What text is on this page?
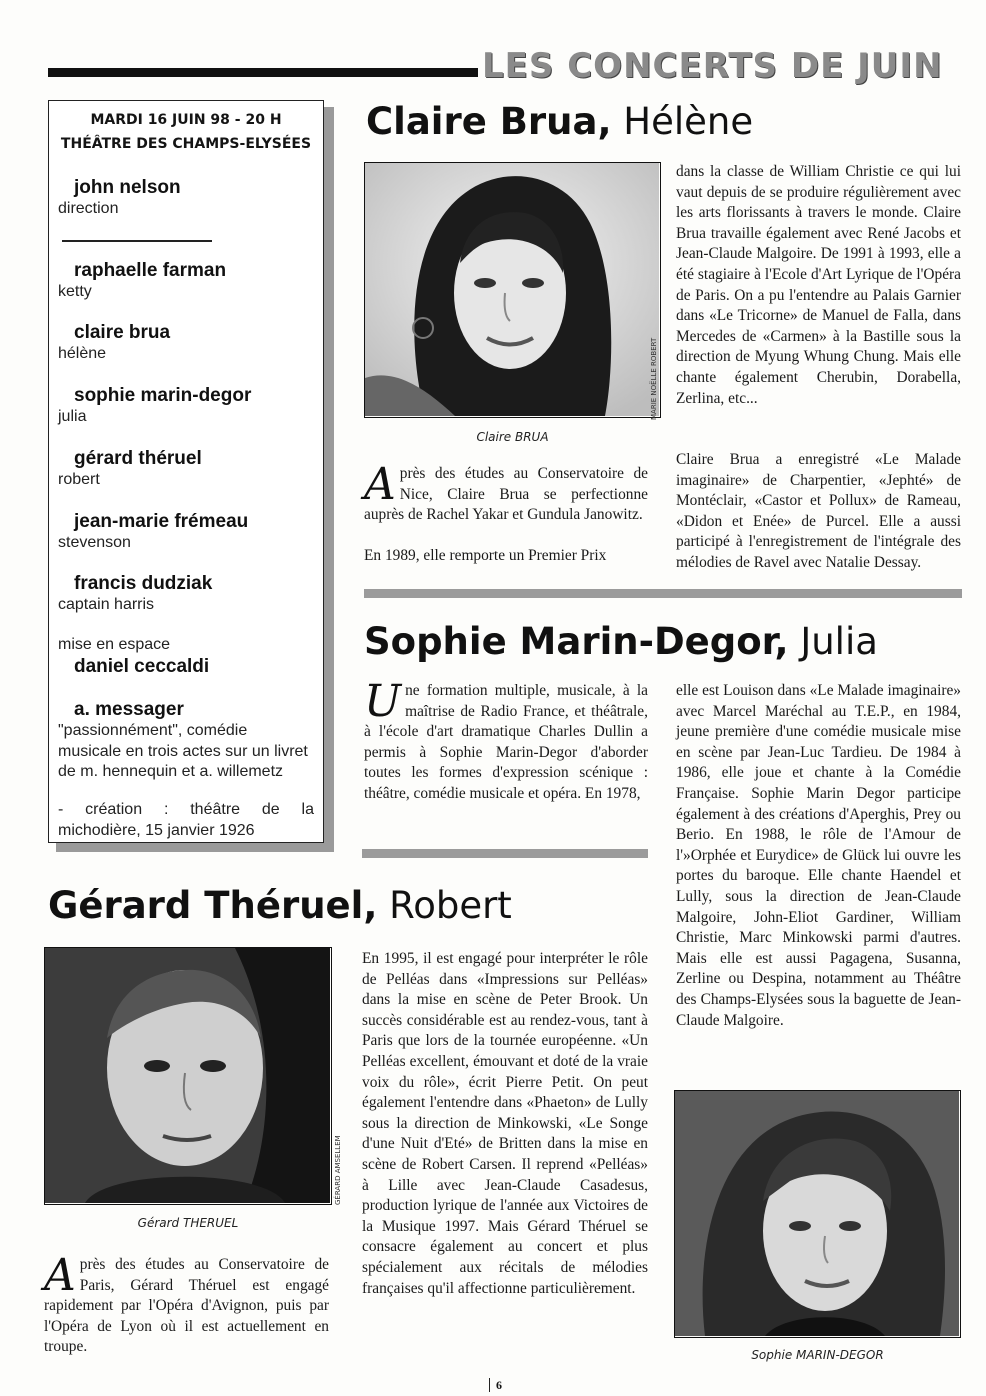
LES CONCERTS DE JUIN
MARDI 16 JUIN 98 - 20 H
THÉÂTRE DES CHAMPS-ELYSÉES
john nelson
direction
raphaelle farman
ketty
claire brua
hélène
sophie marin-degor
julia
gérard théruel
robert
jean-marie frémeau
stevenson
francis dudziak
captain harris
mise en espace
daniel ceccaldi
a. messager
"passionnément", comédie musicale en trois actes sur un livret de m. hennequin et a. willemetz
- création : théâtre de la michodière, 15 janvier 1926
Claire Brua, Hélène
MARIE NOËLLE ROBERT
Claire BRUA
Après des études au Conservatoire de Nice, Claire Brua se perfectionne auprès de Rachel Yakar et Gundula Janowitz.
En 1989, elle remporte un Premier Prix
dans la classe de William Christie ce qui lui vaut depuis de se produire régulièrement avec les arts florissants à travers le monde. Claire Brua travaille également avec René Jacobs et Jean-Claude Malgoire. De 1991 à 1993, elle a été stagiaire à l'Ecole d'Art Lyrique de l'Opéra de Paris. On a pu l'entendre au Palais Garnier dans «Le Tricorne» de Manuel de Falla, dans Mercedes de «Carmen» à la Bastille sous la direction de Myung Whung Chung. Mais elle chante également Cherubin, Dorabella, Zerlina, etc...
Claire Brua a enregistré «Le Malade imaginaire» de Charpentier, «Jephté» de Montéclair, «Castor et Pollux» de Rameau, «Didon et Enée» de Purcel. Elle a aussi participé à l'enregistrement de l'intégrale des mélodies de Ravel avec Natalie Dessay.
Sophie Marin-Degor, Julia
Une formation multiple, musicale, à la maîtrise de Radio France, et théâtrale, à l'école d'art dramatique Charles Dullin a permis à Sophie Marin-Degor d'aborder toutes les formes d'expression scénique : théâtre, comédie musicale et opéra. En 1978,
elle est Louison dans «Le Malade imaginaire» avec Marcel Maréchal au T.E.P., en 1984, jeune première d'une comédie musicale mise en scène par Jean-Luc Tardieu. De 1984 à 1986, elle joue et chante à la Comédie Française. Sophie Marin Degor participe également à des créations d'Aperghis, Prey ou Berio. En 1988, le rôle de l'Amour de l'»Orphée et Eurydice» de Glück lui ouvre les portes du baroque. Elle chante Haendel et Lully, sous la direction de Jean-Claude Malgoire, John-Eliot Gardiner, William Christie, Marc Minkowski parmi d'autres. Mais elle est aussi Pagagena, Susanna, Zerline ou Despina, notamment au Théâtre des Champs-Elysées sous la baguette de Jean-Claude Malgoire.
Sophie MARIN-DEGOR
Gérard Théruel, Robert
GÉRARD AMSELLEM
Gérard THERUEL
Après des études au Conservatoire de Paris, Gérard Théruel est engagé rapidement par l'Opéra d'Avignon, puis par l'Opéra de Lyon où il est actuellement en troupe.
En 1995, il est engagé pour interpréter le rôle de Pelléas dans «Impressions sur Pelléas» dans la mise en scène de Peter Brook. Un succès considérable est au rendez-vous, tant à Paris que lors de la tournée européenne. «Un Pelléas excellent, émouvant et doté de la vraie voix du rôle», écrit Pierre Petit. On peut également l'entendre dans «Phaeton» de Lully sous la direction de Minkowski, «Le Songe d'une Nuit d'Eté» de Britten dans la mise en scène de Robert Carsen. Il reprend «Pelléas» à Lille avec Jean-Claude Casadesus, production lyrique de l'année aux Victoires de la Musique 1997. Mais Gérard Théruel se consacre également au concert et plus spécialement aux récitals de mélodies françaises qu'il affectionne particulièrement.
6
